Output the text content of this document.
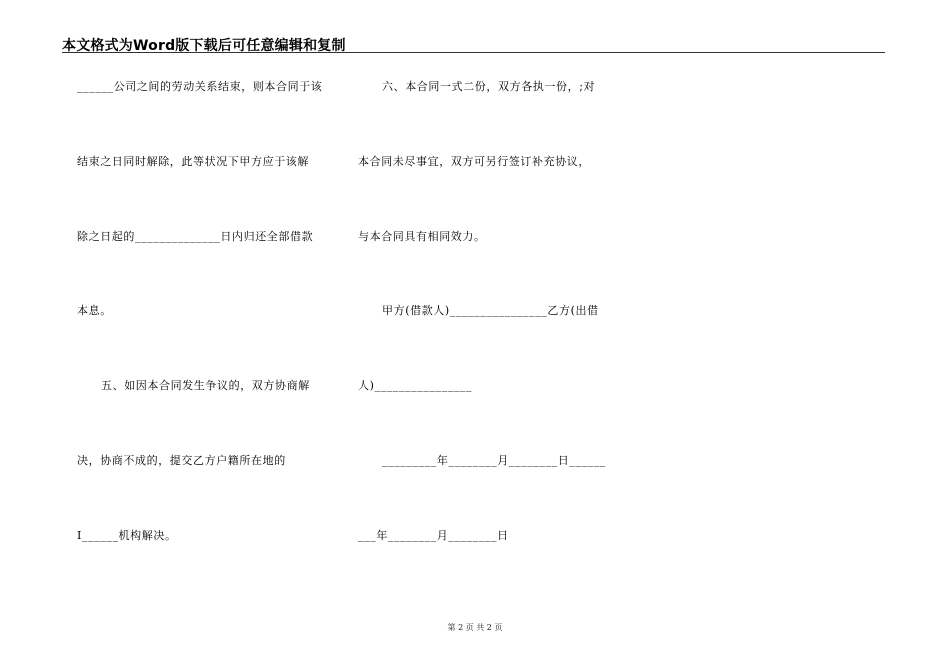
本文格式为Word版下载后可任意编辑和复制
______公司之间的劳动关系结束，则本合同于该
结束之日同时解除，此等状况下甲方应于该解
除之日起的______________日内归还全部借款
本息。
五、如因本合同发生争议的，双方协商解
决，协商不成的，提交乙方户籍所在地的
I______机构解决。
六、本合同一式二份，双方各执一份，;对
本合同未尽事宜，双方可另行签订补充协议，
与本合同具有相同效力。
甲方(借款人)________________乙方(出借
人)________________
_________年________月________日______
___年________月________日
第 2 页 共 2 页
